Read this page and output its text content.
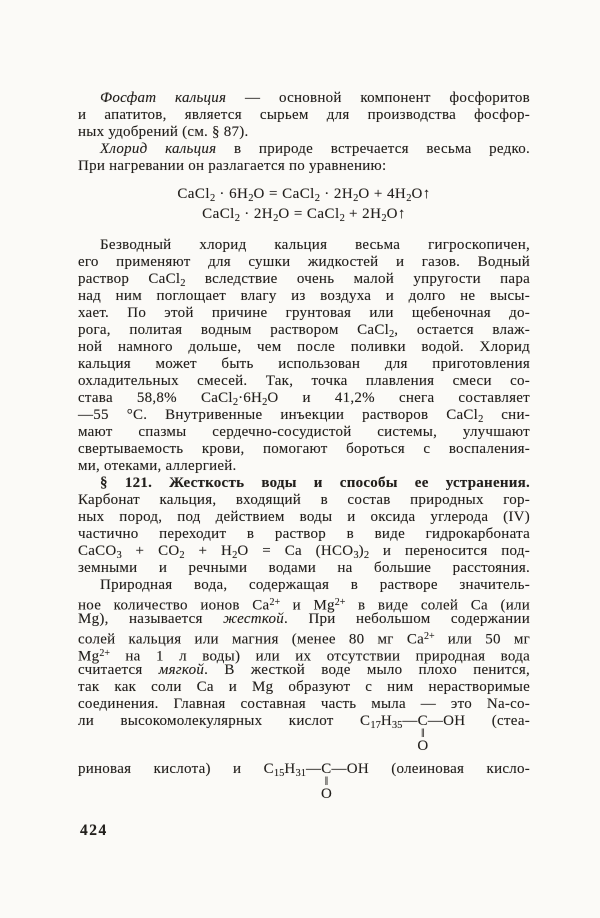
Фосфат кальция — основной компонент фосфоритов
и апатитов, является сырьем для производства фосфор-
ных удобрений (см. § 87).
Хлорид кальция в природе встречается весьма редко.
При нагревании он разлагается по уравнению:
CaCl$_2$ · $6H_2O$ = CaCl$_2$ · $2H_2O$ + $4H_2O↑$
CaCl$_2$ · $2H_2O$ = CaCl$_2$ + $2H_2O↑$
Безводный хлорид кальция весьма гигроскопичен,
его применяют для сушки жидкостей и газов. Водный
раствор CaCl$_2$ вследствие очень малой упругости пара
над ним поглощает влагу из воздуха и долго не высы-
хает. По этой причине грунтовая или щебеночная до-
рога, политая водным раствором CaCl$_2$, остается влаж-
ной намного дольше, чем после поливки водой. Хлорид
кальция может быть использован для приготовления
охладительных смесей. Так, точка плавления смеси со-
става 58,8% $CaCl_2\cdot 6H_2O$ и 41,2% снега составляет
—55 °C. Внутривенные инъекции растворов CaCl$_2$ сни-
мают спазмы сердечно-сосудистой системы, улучшают
свертываемость крови, помогают бороться с воспаления-
ми, отеками, аллергией.
§ 121. Жесткость воды и способы ее устранения.
Карбонат кальция, входящий в состав природных гор-
ных пород, под действием воды и оксида углерода (IV)
частично переходит в раствор в виде гидрокарбоната
CaCO$_3$ + $CO_2 + H_2O = Ca$ $(HCO_3)_2$ и переносится под-
земными и речными водами на большие расстояния.
Природная вода, содержащая в растворе значитель-
ное количество ионов $Ca^{2+}$ и $Mg^{2+}$ в виде солей Ca (или
Mg), называется жесткой. При небольшом содержании
солей кальция или магния (менее 80 мг $Ca^{2+}$ или 50 мг
$Mg^{2+}$ на 1 л воды) или их отсутствии природная вода
считается мягкой. В жесткой воде мыло плохо пенится,
так как соли Ca и Mg образуют с ним нерастворимые
соединения. Главная составная часть мыла — это Na-со-
ли высокомолекулярных кислот $C_{17}H_{35}—C$
‖
O
—OH (стеа-
риновая кислота) и $C_{15}H_{31}—C$
‖
O
—OH (олеиновая кисло-
424
